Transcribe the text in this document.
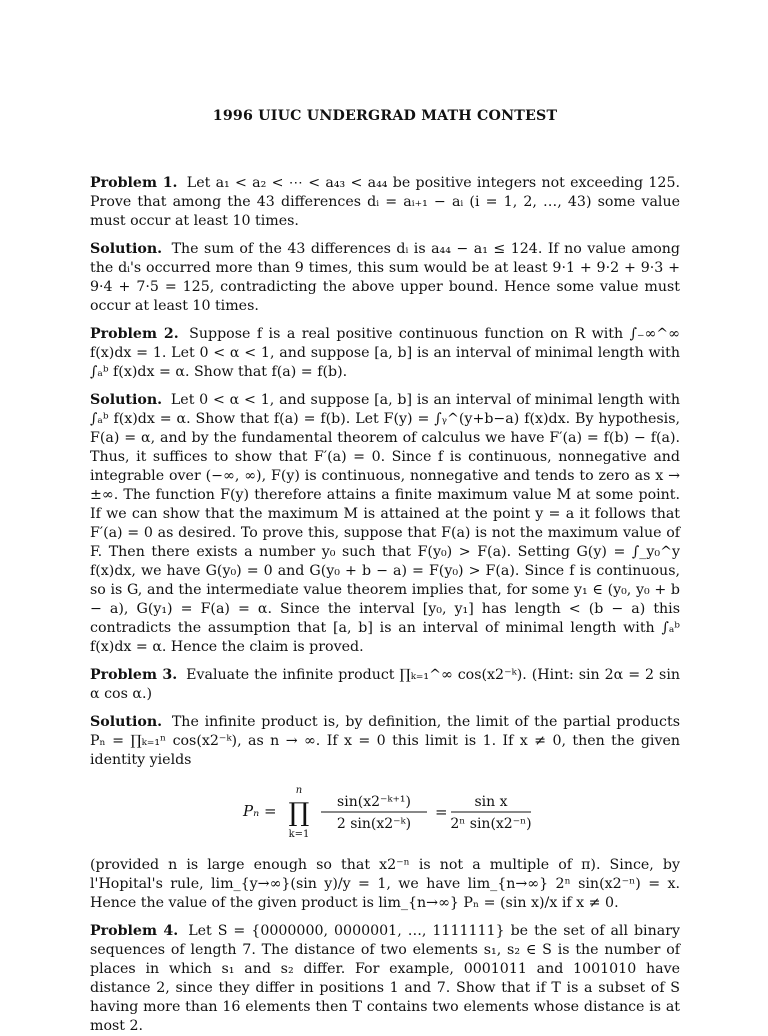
1996 UIUC UNDERGRAD MATH CONTEST

Problem 1. Let a₁ < a₂ < ⋯ < a₄₃ < a₄₄ be positive integers not exceeding 125. Prove that among the 43 differences dᵢ = aᵢ₊₁ − aᵢ (i = 1, 2, …, 43) some value must occur at least 10 times.

Solution. The sum of the 43 differences dᵢ is a₄₄ − a₁ ≤ 124. If no value among the dᵢ's occurred more than 9 times, this sum would be at least 9·1 + 9·2 + 9·3 + 9·4 + 7·5 = 125, contradicting the above upper bound. Hence some value must occur at least 10 times.

Problem 2. Suppose f is a real positive continuous function on R with ∫₋∞^∞ f(x)dx = 1. Let 0 < α < 1, and suppose [a, b] is an interval of minimal length with ∫ₐᵇ f(x)dx = α. Show that f(a) = f(b).

Solution. Let 0 < α < 1, and suppose [a, b] is an interval of minimal length with ∫ₐᵇ f(x)dx = α. Show that f(a) = f(b). Let F(y) = ∫ᵧ^(y+b−a) f(x)dx. By hypothesis, F(a) = α, and by the fundamental theorem of calculus we have F′(a) = f(b) − f(a). Thus, it suffices to show that F′(a) = 0. Since f is continuous, nonnegative and integrable over (−∞, ∞), F(y) is continuous, nonnegative and tends to zero as x → ±∞. The function F(y) therefore attains a finite maximum value M at some point. If we can show that the maximum M is attained at the point y = a it follows that F′(a) = 0 as desired. To prove this, suppose that F(a) is not the maximum value of F. Then there exists a number y₀ such that F(y₀) > F(a). Setting G(y) = ∫_y₀^y f(x)dx, we have G(y₀) = 0 and G(y₀ + b − a) = F(y₀) > F(a). Since f is continuous, so is G, and the intermediate value theorem implies that, for some y₁ ∈ (y₀, y₀ + b − a), G(y₁) = F(a) = α. Since the interval [y₀, y₁] has length < (b − a) this contradicts the assumption that [a, b] is an interval of minimal length with ∫ₐᵇ f(x)dx = α. Hence the claim is proved.

Problem 3. Evaluate the infinite product ∏ₖ₌₁^∞ cos(x2⁻ᵏ). (Hint: sin 2α = 2 sin α cos α.)

Solution. The infinite product is, by definition, the limit of the partial products Pₙ = ∏ₖ₌₁ⁿ cos(x2⁻ᵏ), as n → ∞. If x = 0 this limit is 1. If x ≠ 0, then the given identity yields

Pₙ =
n
∏
k=1
sin(x2⁻ᵏ⁺¹)
2 sin(x2⁻ᵏ)
=
sin x
2ⁿ sin(x2⁻ⁿ)

(provided n is large enough so that x2⁻ⁿ is not a multiple of π). Since, by l'Hopital's rule, lim_{y→∞}(sin y)/y = 1, we have lim_{n→∞} 2ⁿ sin(x2⁻ⁿ) = x. Hence the value of the given product is lim_{n→∞} Pₙ = (sin x)/x if x ≠ 0.

Problem 4. Let S = {0000000, 0000001, …, 1111111} be the set of all binary sequences of length 7. The distance of two elements s₁, s₂ ∈ S is the number of places in which s₁ and s₂ differ. For example, 0001011 and 1001010 have distance 2, since they differ in positions 1 and 7. Show that if T is a subset of S having more than 16 elements then T contains two elements whose distance is at most 2.
